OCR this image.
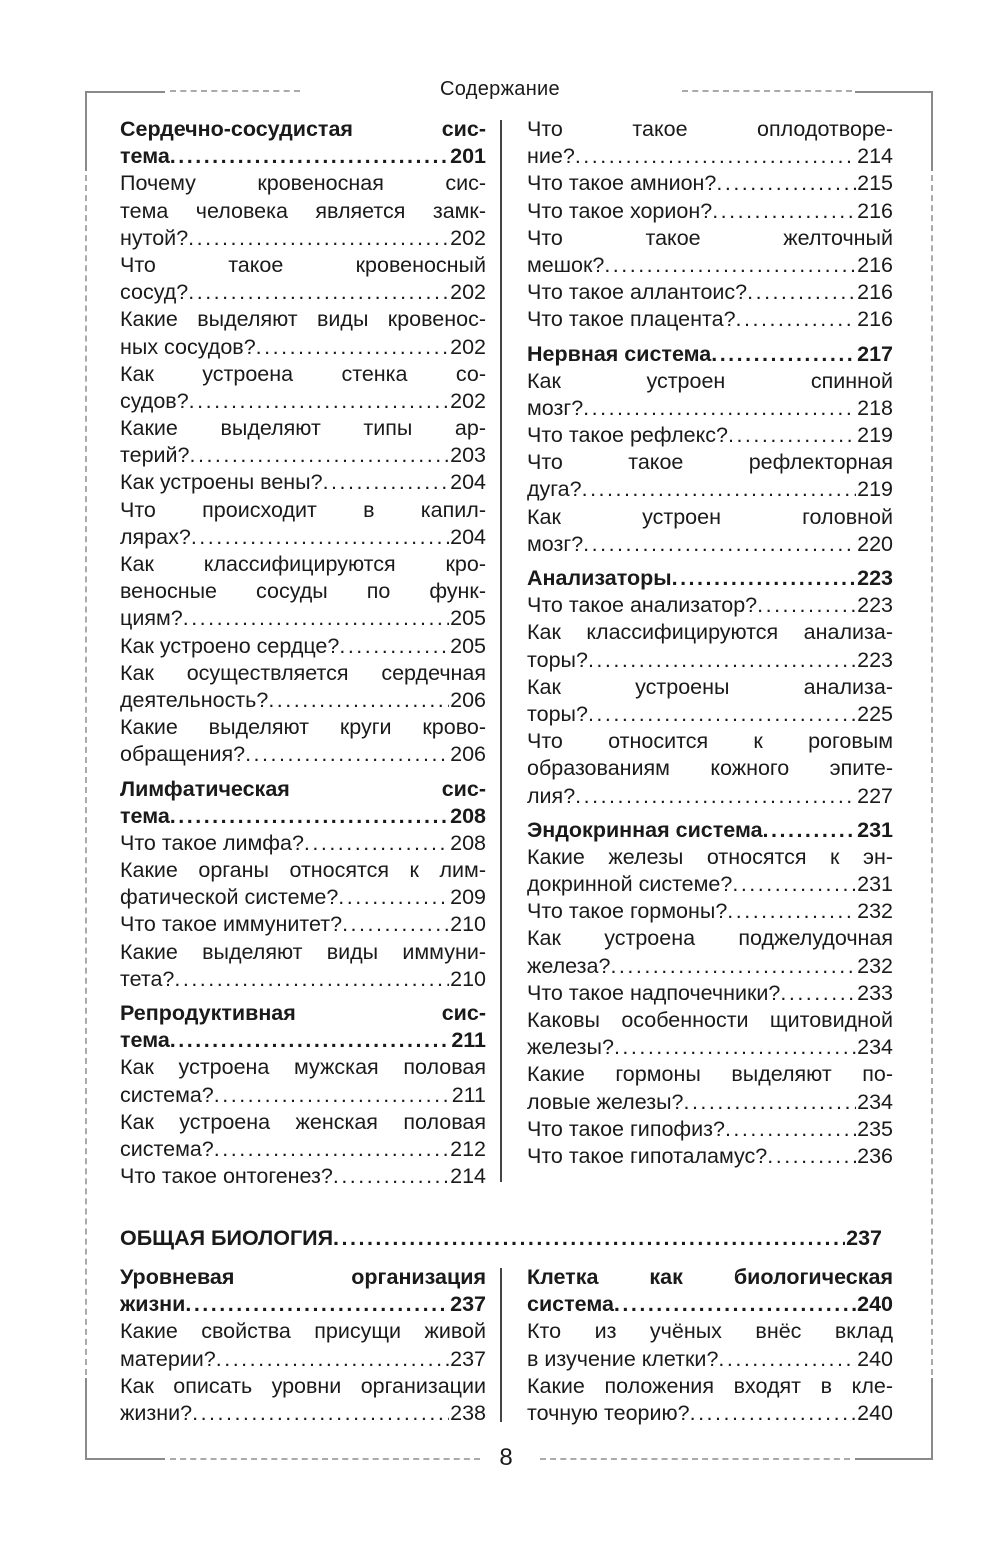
Содержание
Сердечно-сосудистая сис-
тема .....	201
Почему кровеносная сис-
тема человека является замк-
нутой? .....	202
Что такое кровеносный
сосуд? .....	202
Какие выделяют виды кровенос-
ных сосудов? .....	202
Как устроена стенка со-
судов? .....	202
Какие выделяют типы ар-
терий? .....	203
Как устроены вены? .....	204
Что происходит в капил-
лярах? .....	204
Как классифицируются кро-
веносные сосуды по функ-
циям? .....	205
Как устроено сердце? .....	205
Как осуществляется сердечная
деятельность? .....	206
Какие выделяют круги крово-
обращения? .....	206
Лимфатическая сис-
тема .....	208
Что такое лимфа? .....	208
Какие органы относятся к лим-
фатической системе? .....	209
Что такое иммунитет? .....	210
Какие выделяют виды иммуни-
тета? .....	210
Репродуктивная сис-
тема .....	211
Как устроена мужская половая
система? .....	211
Как устроена женская половая
система? .....	212
Что такое онтогенез? .....	214
Что такое оплодотворе-
ние? .....	214
Что такое амнион? .....	215
Что такое хорион? .....	216
Что такое желточный
мешок? .....	216
Что такое аллантоис? .....	216
Что такое плацента? .....	216
Нервная система .....	217
Как устроен спинной
мозг? .....	218
Что такое рефлекс? .....	219
Что такое рефлекторная
дуга? .....	219
Как устроен головной
мозг? .....	220
Анализаторы .....	223
Что такое анализатор? .....	223
Как классифицируются анализа-
торы? .....	223
Как устроены анализа-
торы? .....	225
Что относится к роговым
образованиям кожного эпите-
лия? .....	227
Эндокринная система .....	231
Какие железы относятся к эн-
докринной системе? .....	231
Что такое гормоны? .....	232
Как устроена поджелудочная
железа? .....	232
Что такое надпочечники? .....	233
Каковы особенности щитовидной
железы? .....	234
Какие гормоны выделяют по-
ловые железы? .....	234
Что такое гипофиз? .....	235
Что такое гипоталамус? .....	236
ОБЩАЯ БИОЛОГИЯ .....	237
Уровневая организация
жизни .....	237
Какие свойства присущи живой
материи? .....	237
Как описать уровни организации
жизни? .....	238
Клетка как биологическая
система .....	240
Кто из учёных внёс вклад
в изучение клетки? .....	240
Какие положения входят в кле-
точную теорию? .....	240
8
